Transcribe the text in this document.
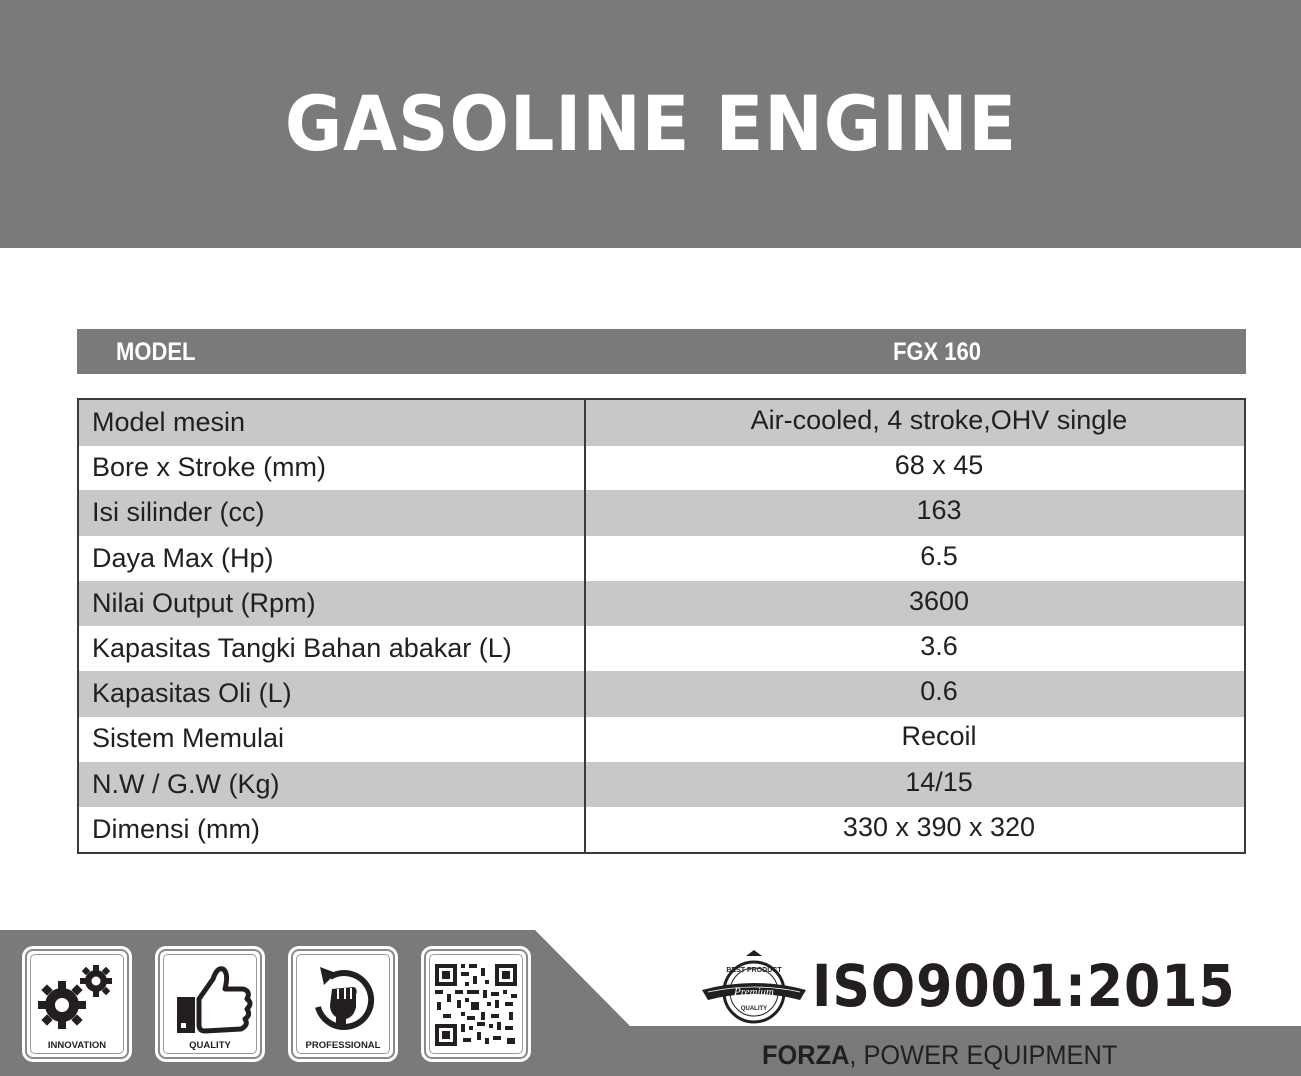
GASOLINE ENGINE
MODEL	FGX 160
Model mesin	Air-cooled, 4 stroke,OHV single
Bore x Stroke (mm)	68 x 45
Isi silinder (cc)	163
Daya Max (Hp)	6.5
Nilai Output (Rpm)	3600
Kapasitas Tangki Bahan abakar (L)	3.6
Kapasitas Oli (L)	0.6
Sistem Memulai	Recoil
N.W / G.W (Kg)	14/15
Dimensi (mm)	330 x 390 x 320
INNOVATION	QUALITY	PROFESSIONAL
BEST PRODUCT
Premium
QUALITY ISO9001:2015
FORZA, POWER EQUIPMENT
